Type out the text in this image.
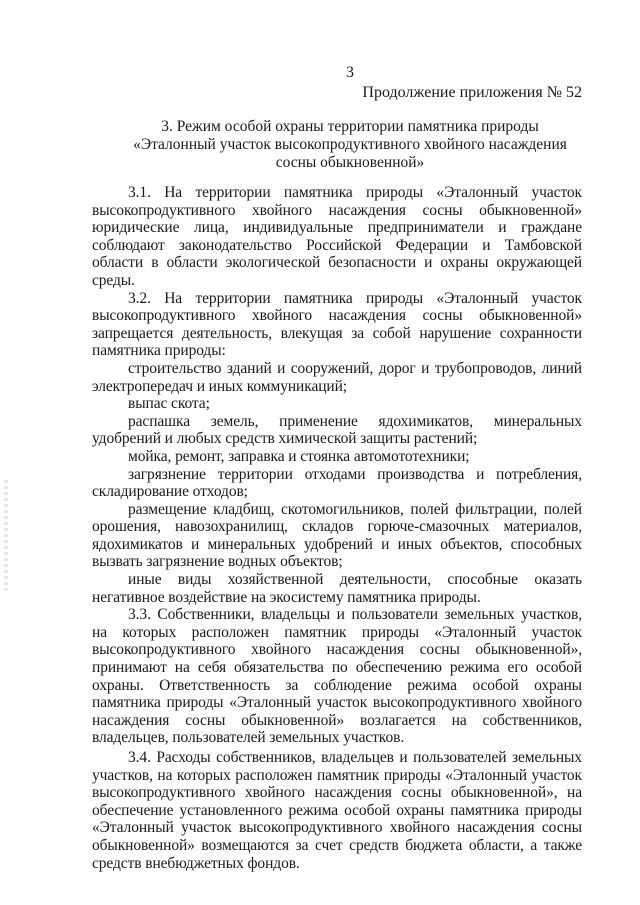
3
Продолжение приложения № 52
3. Режим особой охраны территории памятника природы
«Эталонный участок высокопродуктивного хвойного насаждения
сосны обыкновенной»

3.1. На территории памятника природы «Эталонный участок высокопродуктивного хвойного насаждения сосны обыкновенной» юридические лица, индивидуальные предприниматели и граждане соблюдают законодательство Российской Федерации и Тамбовской области в области экологической безопасности и охраны окружающей среды.

3.2. На территории памятника природы «Эталонный участок высокопродуктивного хвойного насаждения сосны обыкновенной» запрещается деятельность, влекущая за собой нарушение сохранности памятника природы:

строительство зданий и сооружений, дорог и трубопроводов, линий электропередач и иных коммуникаций;

выпас скота;

распашка земель, применение ядохимикатов, минеральных удобрений и любых средств химической защиты растений;

мойка, ремонт, заправка и стоянка автомототехники;

загрязнение территории отходами производства и потребления, складирование отходов;

размещение кладбищ, скотомогильников, полей фильтрации, полей орошения, навозохранилищ, складов горюче-смазочных материалов, ядохимикатов и минеральных удобрений и иных объектов, способных вызвать загрязнение водных объектов;

иные виды хозяйственной деятельности, способные оказать негативное воздействие на экосистему памятника природы.

3.3. Собственники, владельцы и пользователи земельных участков, на которых расположен памятник природы «Эталонный участок высокопродуктивного хвойного насаждения сосны обыкновенной», принимают на себя обязательства по обеспечению режима его особой охраны. Ответственность за соблюдение режима особой охраны памятника природы «Эталонный участок высокопродуктивного хвойного насаждения сосны обыкновенной» возлагается на собственников, владельцев, пользователей земельных участков.

3.4. Расходы собственников, владельцев и пользователей земельных участков, на которых расположен памятник природы «Эталонный участок высокопродуктивного хвойного насаждения сосны обыкновенной», на обеспечение установленного режима особой охраны памятника природы «Эталонный участок высокопродуктивного хвойного насаждения сосны обыкновенной» возмещаются за счет средств бюджета области, а также средств внебюджетных фондов.
